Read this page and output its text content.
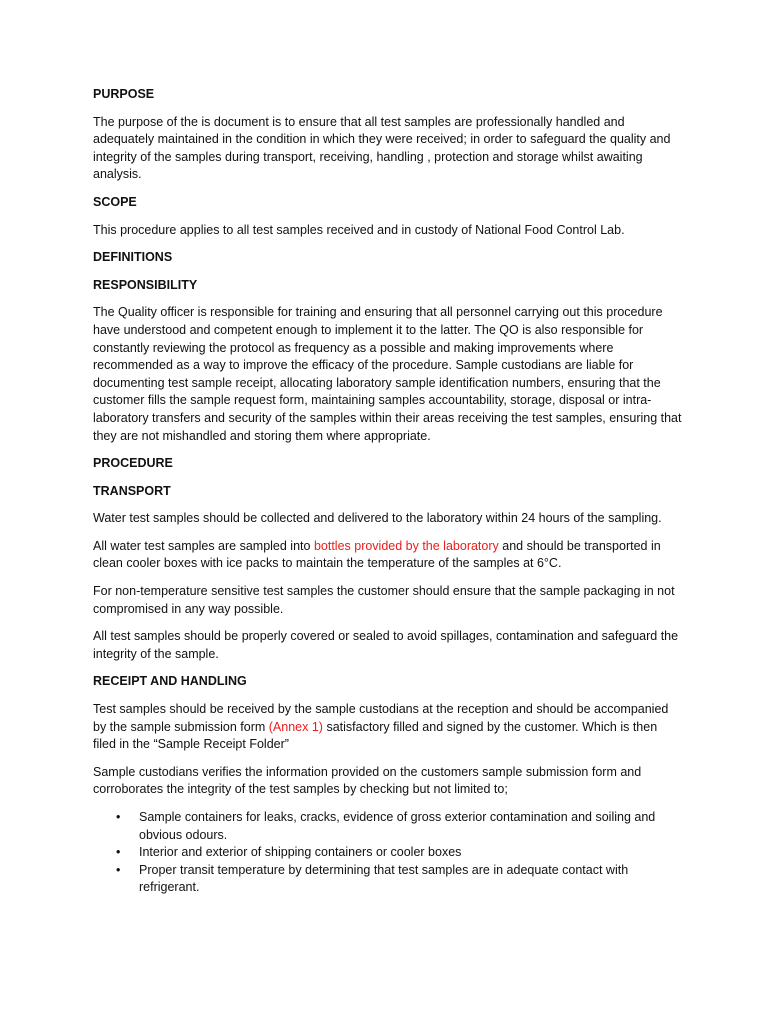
PURPOSE
The purpose of the is document is to ensure that all test samples are professionally handled and adequately maintained in the condition in which they were received; in order to safeguard the quality and integrity of the samples during transport, receiving, handling , protection and storage whilst awaiting analysis.
SCOPE
This procedure applies to all test samples received and in custody of National Food Control Lab.
DEFINITIONS
RESPONSIBILITY
The Quality officer is responsible for training and ensuring that all personnel carrying out this procedure have understood and competent enough to implement it to the latter. The QO is also responsible for constantly reviewing the protocol as frequency as a possible and making improvements where recommended as a way to improve the efficacy of the procedure. Sample custodians are liable for documenting test sample receipt, allocating laboratory sample identification numbers, ensuring that the customer fills the sample request form, maintaining samples accountability, storage, disposal or intra-laboratory transfers and security of the samples within their areas receiving the test samples, ensuring that they are not mishandled and storing them where appropriate.
PROCEDURE
TRANSPORT
Water test samples should be collected and delivered to the laboratory within 24 hours of the sampling.
All water test samples are sampled into bottles provided by the laboratory and should be transported in clean cooler boxes with ice packs to maintain the temperature of the samples at 6°C.
For non-temperature sensitive test samples the customer should ensure that the sample packaging in not compromised in any way possible.
All test samples should be properly covered or sealed to avoid spillages, contamination and safeguard the integrity of the sample.
RECEIPT AND HANDLING
Test samples should be received by the sample custodians at the reception and should be accompanied by the sample submission form (Annex 1) satisfactory filled and signed by the customer. Which is then filed in the “Sample Receipt Folder”
Sample custodians verifies the information provided on the customers sample submission form and corroborates the integrity of the test samples by checking but not limited to;
• Sample containers for leaks, cracks, evidence of gross exterior contamination and soiling and obvious odours.
• Interior and exterior of shipping containers or cooler boxes
• Proper transit temperature by determining that test samples are in adequate contact with refrigerant.
